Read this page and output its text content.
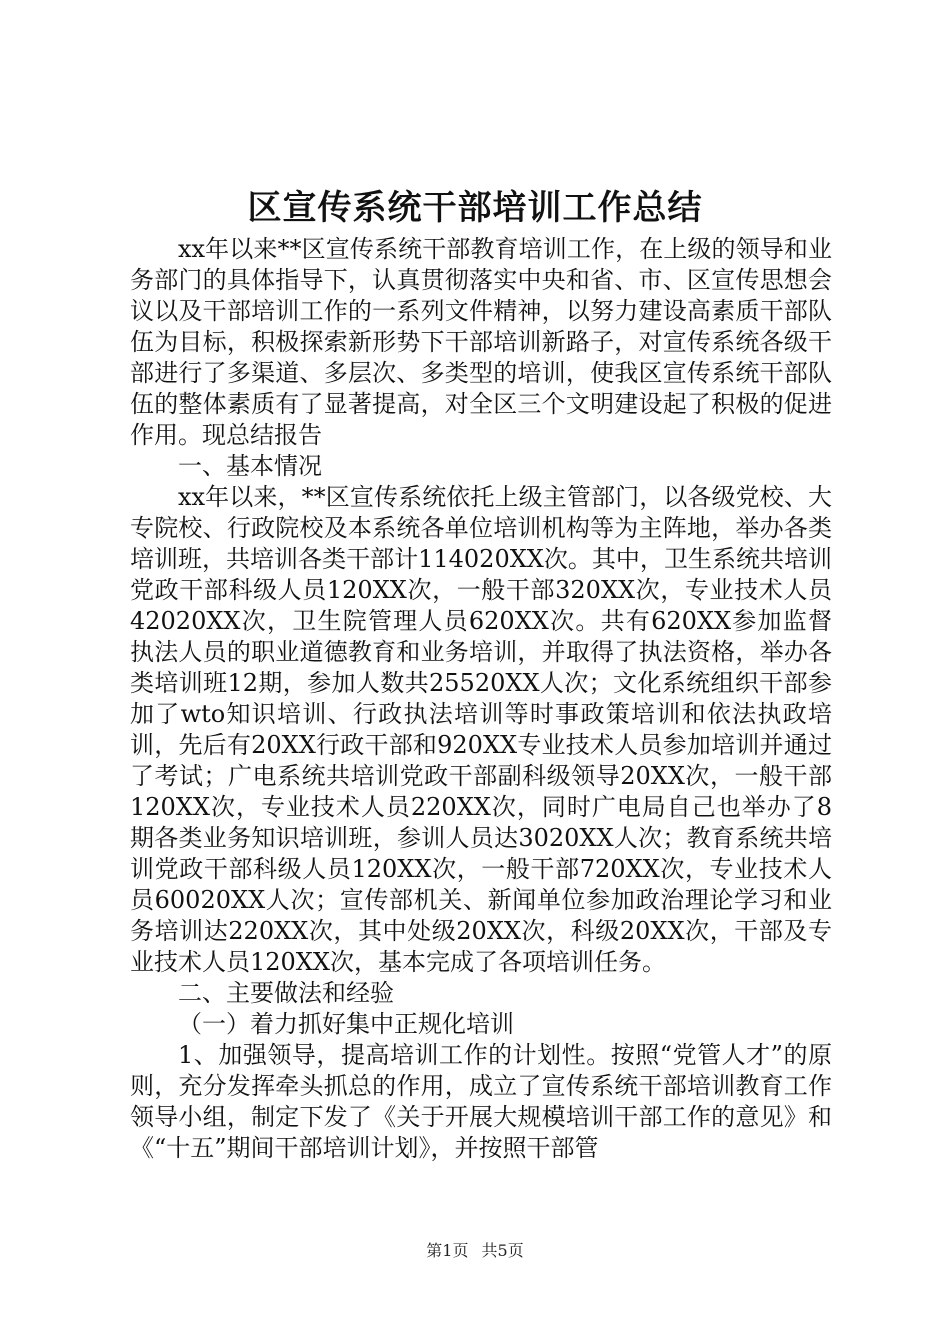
区宣传系统干部培训工作总结

xx年以来**区宣传系统干部教育培训工作，在上级的领导和业务部门的具体指导下，认真贯彻落实中央和省、市、区宣传思想会议以及干部培训工作的一系列文件精神，以努力建设高素质干部队伍为目标，积极探索新形势下干部培训新路子，对宣传系统各级干部进行了多渠道、多层次、多类型的培训，使我区宣传系统干部队伍的整体素质有了显著提高，对全区三个文明建设起了积极的促进作用。现总结报告

一、基本情况

xx年以来，**区宣传系统依托上级主管部门，以各级党校、大专院校、行政院校及本系统各单位培训机构等为主阵地，举办各类培训班，共培训各类干部计114020XX次。其中，卫生系统共培训党政干部科级人员120XX次，一般干部320XX次，专业技术人员42020XX次，卫生院管理人员620XX次。共有620XX参加监督执法人员的职业道德教育和业务培训，并取得了执法资格，举办各类培训班12期，参加人数共25520XX人次；文化系统组织干部参加了wto知识培训、行政执法培训等时事政策培训和依法执政培训，先后有20XX行政干部和920XX专业技术人员参加培训并通过了考试；广电系统共培训党政干部副科级领导20XX次，一般干部120XX次，专业技术人员220XX次，同时广电局自己也举办了8期各类业务知识培训班，参训人员达3020XX人次；教育系统共培训党政干部科级人员120XX次，一般干部720XX次，专业技术人员60020XX人次；宣传部机关、新闻单位参加政治理论学习和业务培训达220XX次，其中处级20XX次，科级20XX次，干部及专业技术人员120XX次，基本完成了各项培训任务。

二、主要做法和经验

（一）着力抓好集中正规化培训

1、加强领导，提高培训工作的计划性。按照“党管人才”的原则，充分发挥牵头抓总的作用，成立了宣传系统干部培训教育工作领导小组，制定下发了《关于开展大规模培训干部工作的意见》和《“十五”期间干部培训计划》，并按照干部管

第1页 共5页
